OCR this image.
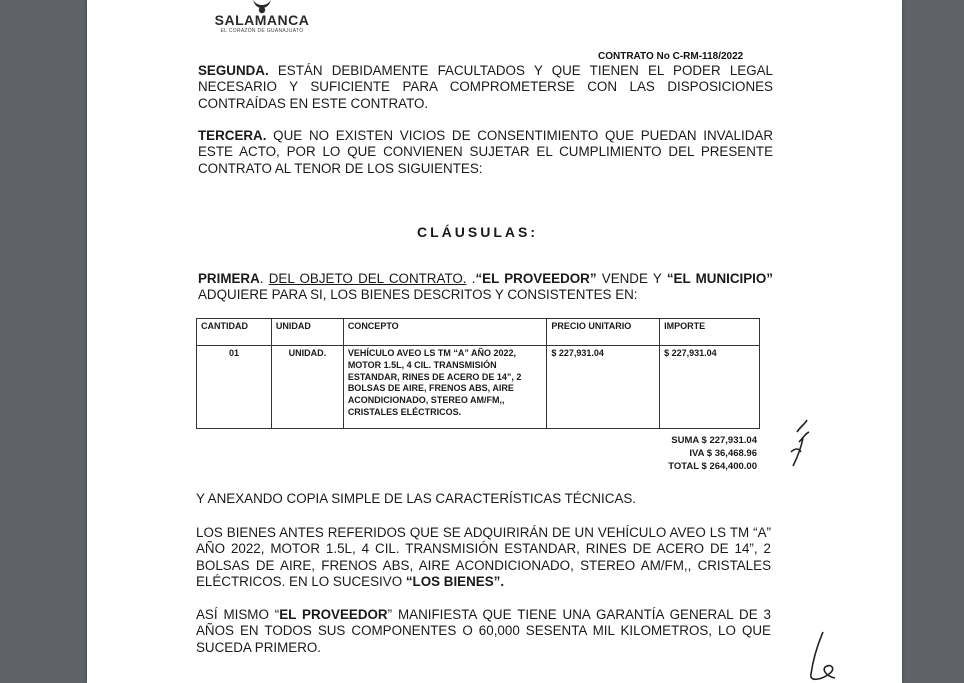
SALAMANCA
EL CORAZÓN DE GUANAJUATO
CONTRATO No C-RM-118/2022

SEGUNDA. ESTÁN DEBIDAMENTE FACULTADOS Y QUE TIENEN EL PODER LEGAL NECESARIO Y SUFICIENTE PARA COMPROMETERSE CON LAS DISPOSICIONES CONTRAÍDAS EN ESTE CONTRATO.

TERCERA. QUE NO EXISTEN VICIOS DE CONSENTIMIENTO QUE PUEDAN INVALIDAR ESTE ACTO, POR LO QUE CONVIENEN SUJETAR EL CUMPLIMIENTO DEL PRESENTE CONTRATO AL TENOR DE LOS SIGUIENTES:

CLÁUSULAS:

PRIMERA. DEL OBJETO DEL CONTRATO. .“EL PROVEEDOR” VENDE Y “EL MUNICIPIO” ADQUIERE PARA SI, LOS BIENES DESCRITOS Y CONSISTENTES EN:

CANTIDAD	UNIDAD	CONCEPTO	PRECIO UNITARIO	IMPORTE
01	UNIDAD.	VEHÍCULO AVEO LS TM “A” AÑO 2022, MOTOR 1.5L, 4 CIL. TRANSMISIÓN ESTANDAR, RINES DE ACERO DE 14”, 2 BOLSAS DE AIRE, FRENOS ABS, AIRE ACONDICIONADO, STEREO AM/FM,, CRISTALES ELÉCTRICOS.	$ 227,931.04	$ 227,931.04
SUMA $ 227,931.04
IVA $ 36,468.96
TOTAL $ 264,400.00

Y ANEXANDO COPIA SIMPLE DE LAS CARACTERÍSTICAS TÉCNICAS.

LOS BIENES ANTES REFERIDOS QUE SE ADQUIRIRÁN DE UN VEHÍCULO AVEO LS TM “A” AÑO 2022, MOTOR 1.5L, 4 CIL. TRANSMISIÓN ESTANDAR, RINES DE ACERO DE 14”, 2 BOLSAS DE AIRE, FRENOS ABS, AIRE ACONDICIONADO, STEREO AM/FM,, CRISTALES ELÉCTRICOS. EN LO SUCESIVO “LOS BIENES”.

ASÍ MISMO “EL PROVEEDOR” MANIFIESTA QUE TIENE UNA GARANTÍA GENERAL DE 3 AÑOS EN TODOS SUS COMPONENTES O 60,000 SESENTA MIL KILOMETROS, LO QUE SUCEDA PRIMERO.
